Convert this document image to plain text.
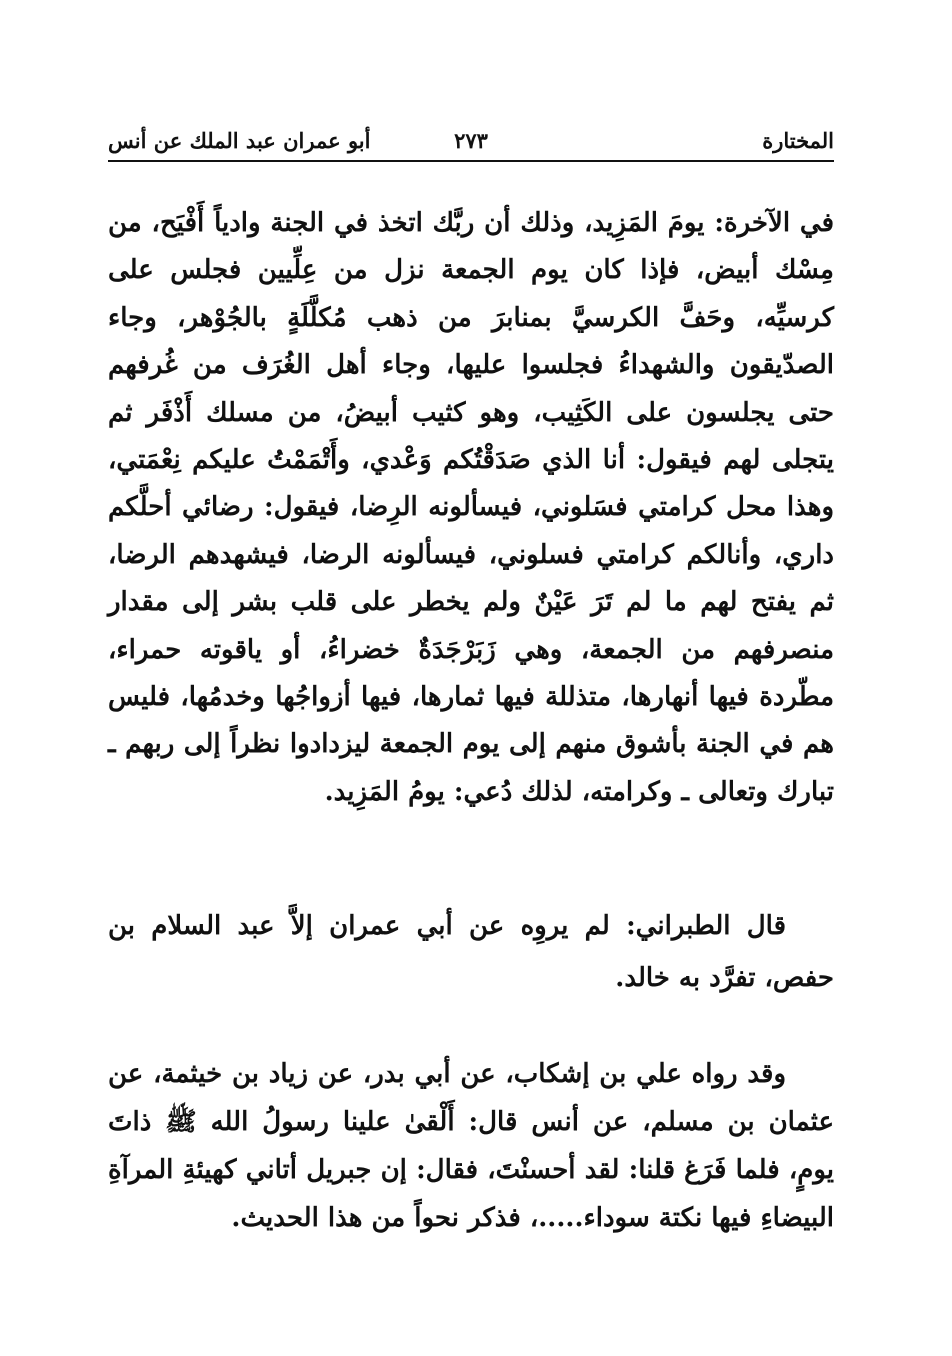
المختارة
٢٧٣
أبو عمران عبد الملك عن أنس

في الآخرة: يومَ المَزِيد، وذلك أن ربَّك اتخذ في الجنة وادياً أَفْيَح، من مِسْك أبيض، فإذا كان يوم الجمعة نزل من عِلِّيين فجلس على كرسيِّه، وحَفَّ الكرسيَّ بمنابرَ من ذهب مُكلَّلَةٍ بالجُوْهر، وجاء الصدّيقون والشهداءُ فجلسوا عليها، وجاء أهل الغُرَف من غُرفهم حتى يجلسون على الكَثِيب، وهو كثيب أبيضُ، من مسلك أَذْفَر ثم يتجلى لهم فيقول: أنا الذي صَدَقْتُكم وَعْدي، وأَتْمَمْتُ عليكم نِعْمَتي، وهذا محل كرامتي فسَلوني، فيسألونه الرِضا، فيقول: رضائي أحلَّكم داري، وأنالكم كرامتي فسلوني، فيسألونه الرضا، فيشهدهم الرضا، ثم يفتح لهم ما لم تَرَ عَيْنٌ ولم يخطر على قلب بشر إلى مقدار منصرفهم من الجمعة، وهي زَبَرْجَدَةٌ خضراءُ، أو ياقوته حمراء، مطّردة فيها أنهارها، متذللة فيها ثمارها، فيها أزواجُها وخدمُها، فليس هم في الجنة بأشوق منهم إلى يوم الجمعة ليزدادوا نظراً إلى ربهم ـ تبارك وتعالى ـ وكرامته، لذلك دُعي: يومُ المَزِيد.

قال الطبراني: لم يروِه عن أبي عمران إلاَّ عبد السلام بن حفص، تفرَّد به خالد.

وقد رواه علي بن إشكاب، عن أبي بدر، عن زياد بن خيثمة، عن عثمان بن مسلم، عن أنس قال: أَلْقىٰ علينا رسولُ الله ﷺ ذاتَ يومٍ، فلما فَرَغ قلنا: لقد أحسنْتَ، فقال: إن جبريل أتاني كهيئةِ المرآةِ البيضاءِ فيها نكتة سوداء.....، فذكر نحواً من هذا الحديث.
